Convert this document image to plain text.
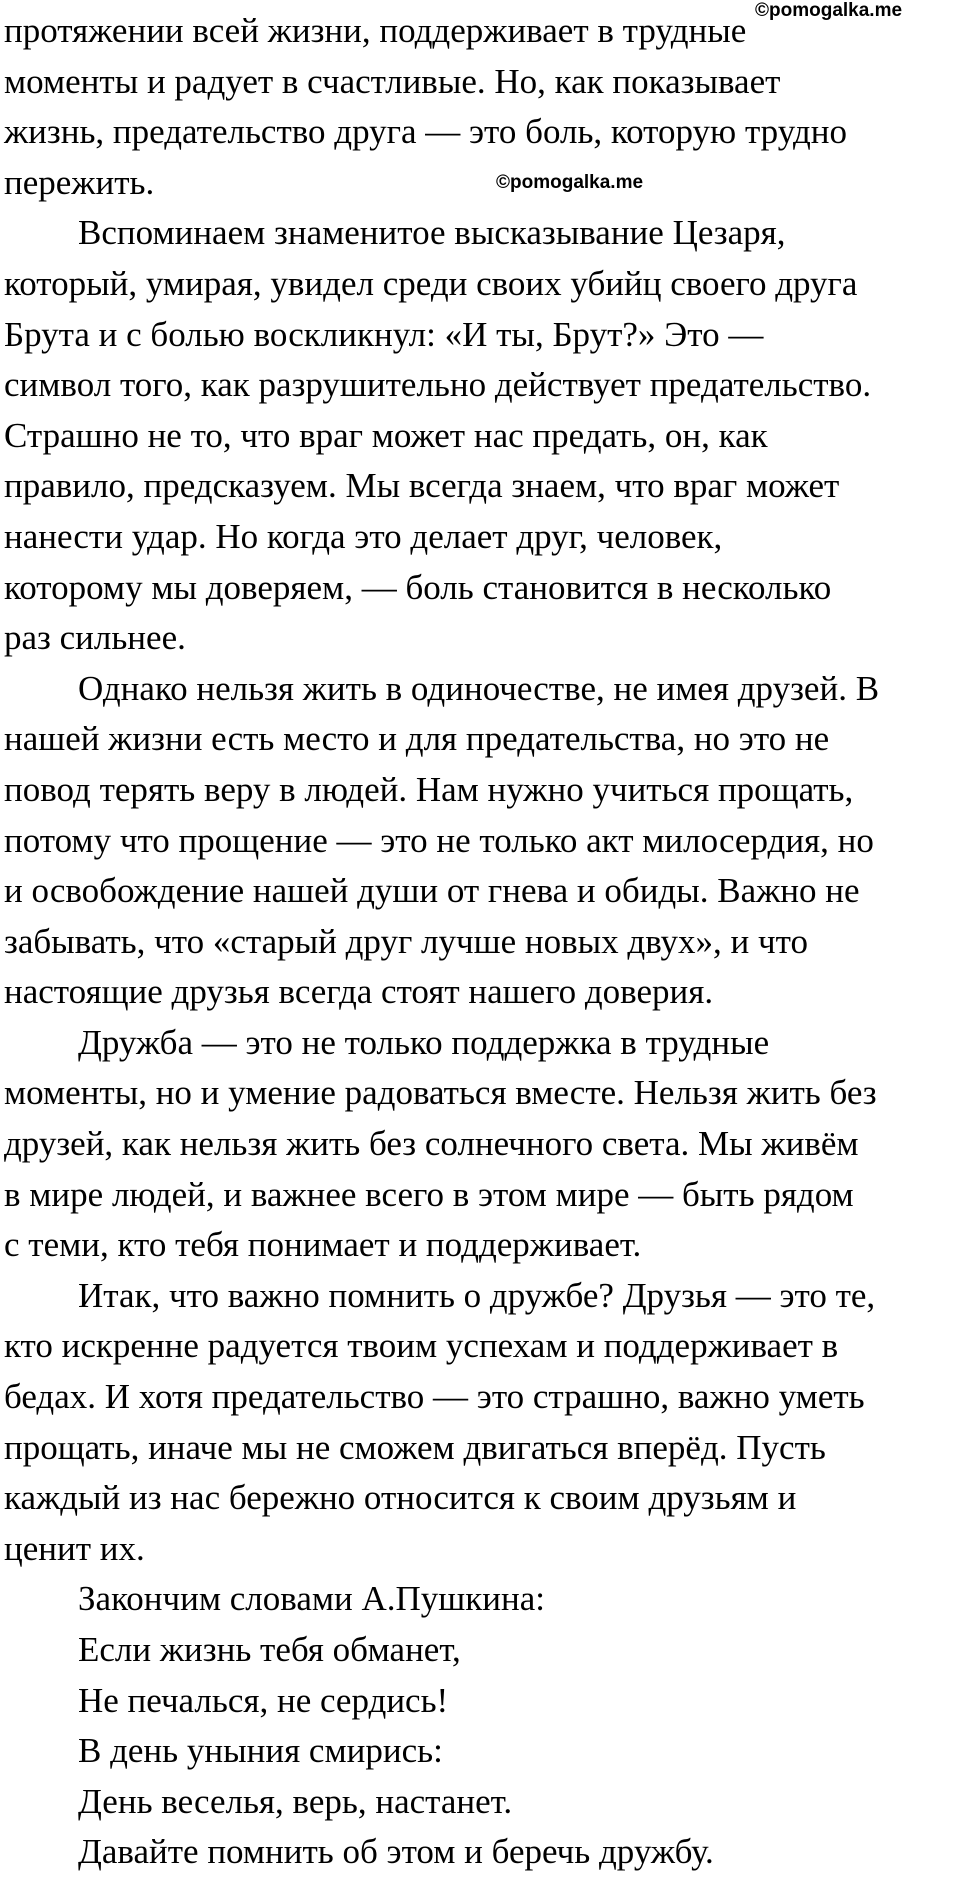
©pomogalka.me
©pomogalka.me
протяжении всей жизни, поддерживает в трудные
моменты и радует в счастливые. Но, как показывает
жизнь, предательство друга — это боль, которую трудно
пережить.
Вспоминаем знаменитое высказывание Цезаря,
который, умирая, увидел среди своих убийц своего друга
Брута и с болью воскликнул: «И ты, Брут?» Это —
символ того, как разрушительно действует предательство.
Страшно не то, что враг может нас предать, он, как
правило, предсказуем. Мы всегда знаем, что враг может
нанести удар. Но когда это делает друг, человек,
которому мы доверяем, — боль становится в несколько
раз сильнее.
Однако нельзя жить в одиночестве, не имея друзей. В
нашей жизни есть место и для предательства, но это не
повод терять веру в людей. Нам нужно учиться прощать,
потому что прощение — это не только акт милосердия, но
и освобождение нашей души от гнева и обиды. Важно не
забывать, что «старый друг лучше новых двух», и что
настоящие друзья всегда стоят нашего доверия.
Дружба — это не только поддержка в трудные
моменты, но и умение радоваться вместе. Нельзя жить без
друзей, как нельзя жить без солнечного света. Мы живём
в мире людей, и важнее всего в этом мире — быть рядом
с теми, кто тебя понимает и поддерживает.
Итак, что важно помнить о дружбе? Друзья — это те,
кто искренне радуется твоим успехам и поддерживает в
бедах. И хотя предательство — это страшно, важно уметь
прощать, иначе мы не сможем двигаться вперёд. Пусть
каждый из нас бережно относится к своим друзьям и
ценит их.
Закончим словами А.Пушкина:
Если жизнь тебя обманет,
Не печалься, не сердись!
В день уныния смирись:
День веселья, верь, настанет.
Давайте помнить об этом и беречь дружбу.
